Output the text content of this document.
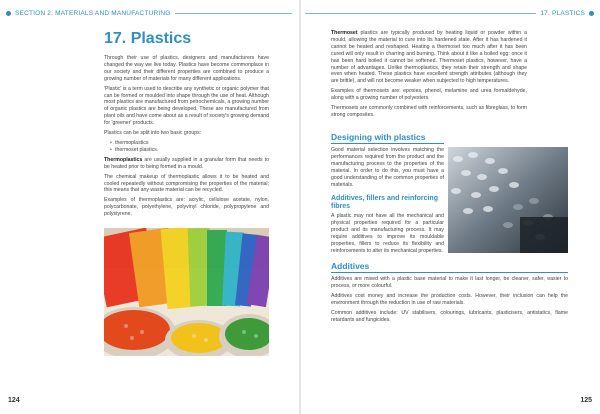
SECTION 2: MATERIALS AND MANUFACTURING
17. Plastics

Through their use of plastics, designers and manufacturers have changed the way we live today. Plastics have become commonplace in our society and their different properties are combined to produce a growing number of materials for many different applications.

'Plastic' is a term used to describe any synthetic or organic polymer that can be formed or moulded into shape through the use of heat. Although most plastics are manufactured from petrochemicals, a growing number of organic plastics are being developed. These are manufactured from plant oils and have come about as a result of society's growing demand for 'greener' products.

Plastics can be split into two basic groups:

• thermoplastics
• thermoset plastics.

Thermoplastics are usually supplied in a granular form that needs to be heated prior to being formed in a mould.

The chemical makeup of thermoplastic allows it to be heated and cooled repeatedly without compromising the properties of the material; this means that any waste material can be recycled.

Examples of thermoplastics are: acrylic, cellulose acetate, nylon, polycarbonate, polyethylene, polyvinyl chloride, polypropylene and polystyrene.

124
17. PLASTICS

Thermoset plastics are typically produced by heating liquid or powder within a mould, allowing the material to cure into its hardened state. After it has hardened it cannot be heated and reshaped. Heating a thermoset too much after it has been cured will only result in charring and burning. Think about it like a boiled egg: once it has been hard boiled it cannot be softened. Thermoset plastics, however, have a number of advantages. Unlike thermoplastics, they retain their strength and shape even when heated. These plastics have excellent strength attributes (although they are brittle), and will not become weaker when subjected to high temperatures.

Examples of thermosets are: epoxies, phenol, melamine and urea formaldehyde, along with a growing number of polyesters.

Thermosets are commonly combined with reinforcements, such as fibreglass, to form strong composites.

Designing with plastics

Good material selection involves matching the performances required from the product and the manufacturing process to the properties of the material. In order to do this, you must have a good understanding of the common properties of materials.

Additives, fillers and reinforcing fibres

A plastic may not have all the mechanical and physical properties required for a particular product and its manufacturing process. It may require additives to improve its mouldable properties, fillers to reduce its flexibility and reinforcements to alter its mechanical properties.

Additives

Additives are mixed with a plastic base material to make it last longer, be cleaner, safer, easier to process, or more colourful.

Additives cost money and increase the production costs. However, their inclusion can help the environment through the reduction in use of raw materials.

Common additives include: UV stabilisers, colourings, lubricants, plasticisers, antistatics, flame retardants and fungicides.

125
